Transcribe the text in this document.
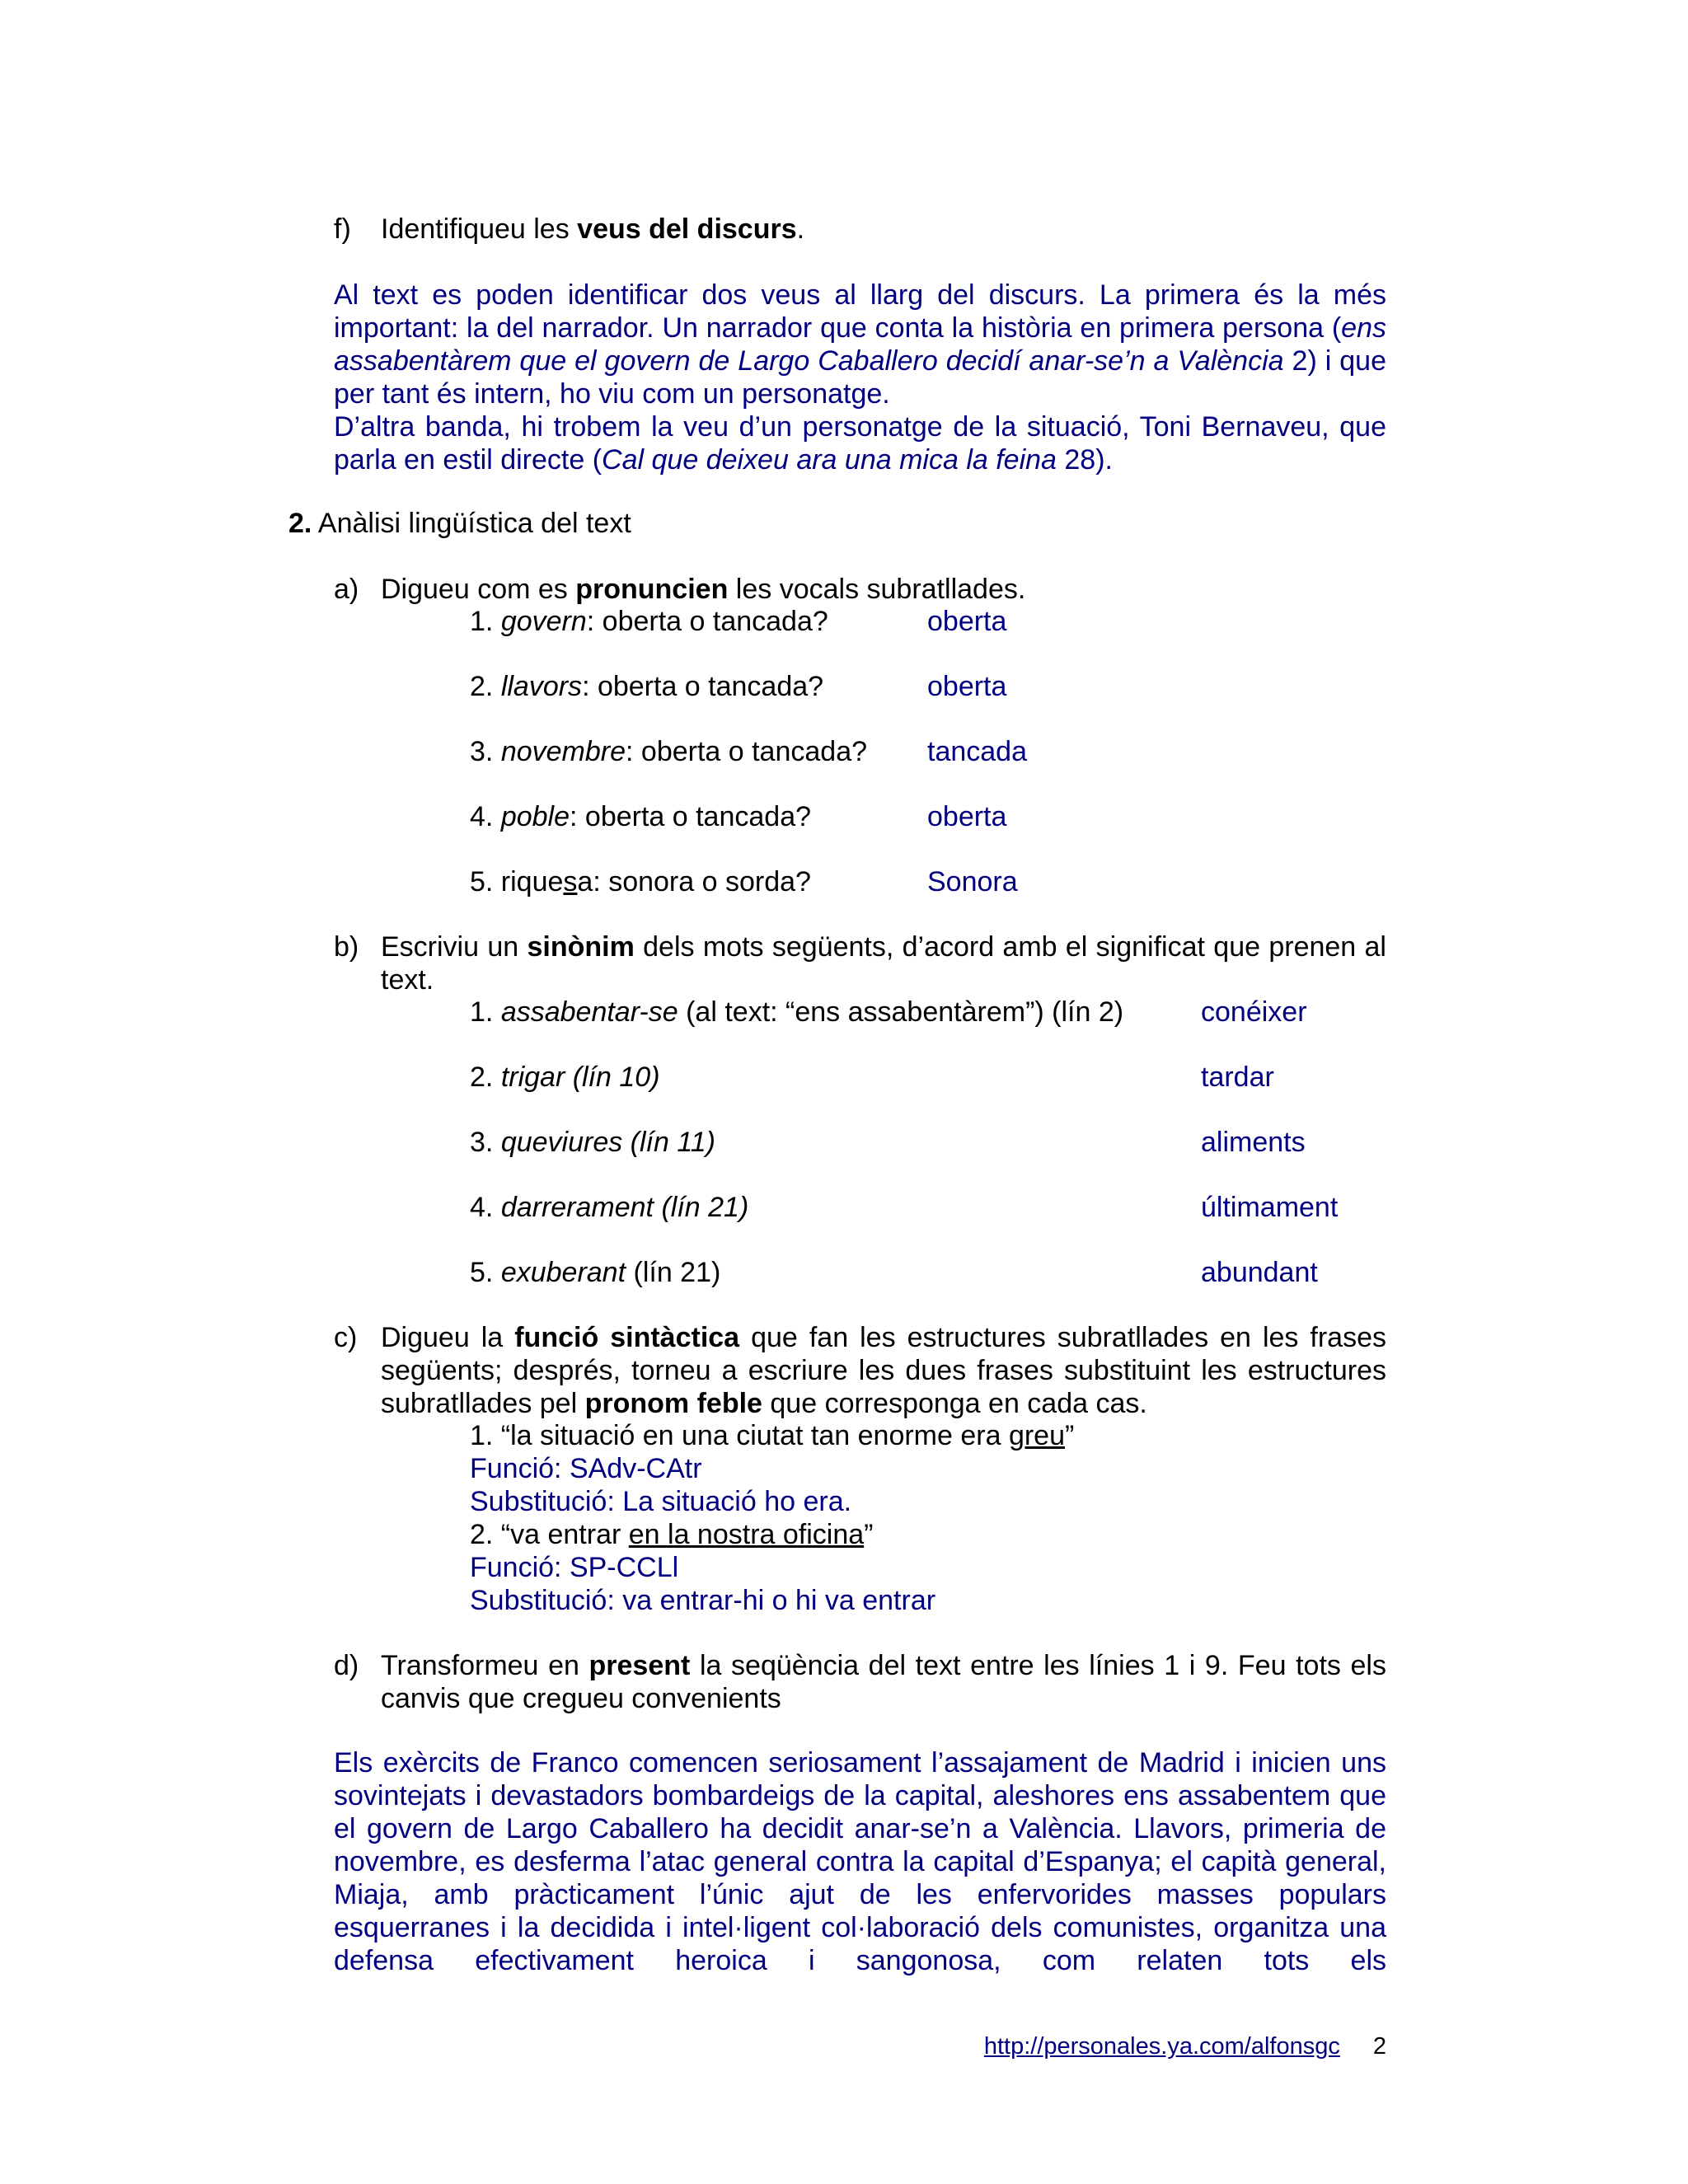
f) Identifiqueu les veus del discurs.
Al text es poden identificar dos veus al llarg del discurs. La primera és la més important: la del narrador. Un narrador que conta la història en primera persona (ens assabentàrem que el govern de Largo Caballero decidí anar-se’n a València 2) i que per tant és intern, ho viu com un personatge.
D’altra banda, hi trobem la veu d’un personatge de la situació, Toni Bernaveu, que parla en estil directe (Cal que deixeu ara una mica la feina 28).
2. Anàlisi lingüística del text
a) Digueu com es pronuncien les vocals subratllades.
1. govern: oberta o tancada?	oberta
2. llavors: oberta o tancada?	oberta
3. novembre: oberta o tancada? tancada
4. poble: oberta o tancada?	oberta
5. riquesa: sonora o sorda?	Sonora
b) Escriviu un sinònim dels mots següents, d’acord amb el significat que prenen al text.
1. assabentar-se (al text: “ens assabentàrem”) (lín 2)	conéixer
2. trigar (lín 10)	tardar
3. queviures (lín 11)	aliments
4. darrerament (lín 21)	últimament
5. exuberant (lín 21)	abundant
c) Digueu la funció sintàctica que fan les estructures subratllades en les frases següents; després, torneu a escriure les dues frases substituint les estructures subratllades pel pronom feble que corresponga en cada cas.
1. “la situació en una ciutat tan enorme era greu”
Funció: SAdv-CAtr
Substitució: La situació ho era.
2. “va entrar en la nostra oficina”
Funció: SP-CCLl
Substitució: va entrar-hi o hi va entrar
d) Transformeu en present la seqüència del text entre les línies 1 i 9. Feu tots els canvis que cregueu convenients
Els exèrcits de Franco comencen seriosament l’assajament de Madrid i inicien uns sovintejats i devastadors bombardeigs de la capital, aleshores ens assabentem que el govern de Largo Caballero ha decidit anar-se’n a València. Llavors, primeria de novembre, es desferma l’atac general contra la capital d’Espanya; el capità general, Miaja, amb pràcticament l’únic ajut de les enfervorides masses populars esquerranes i la decidida i intel·ligent col·laboració dels comunistes, organitza una defensa efectivament heroica i sangonosa, com relaten tots els
http://personales.ya.com/alfonsgc 2
